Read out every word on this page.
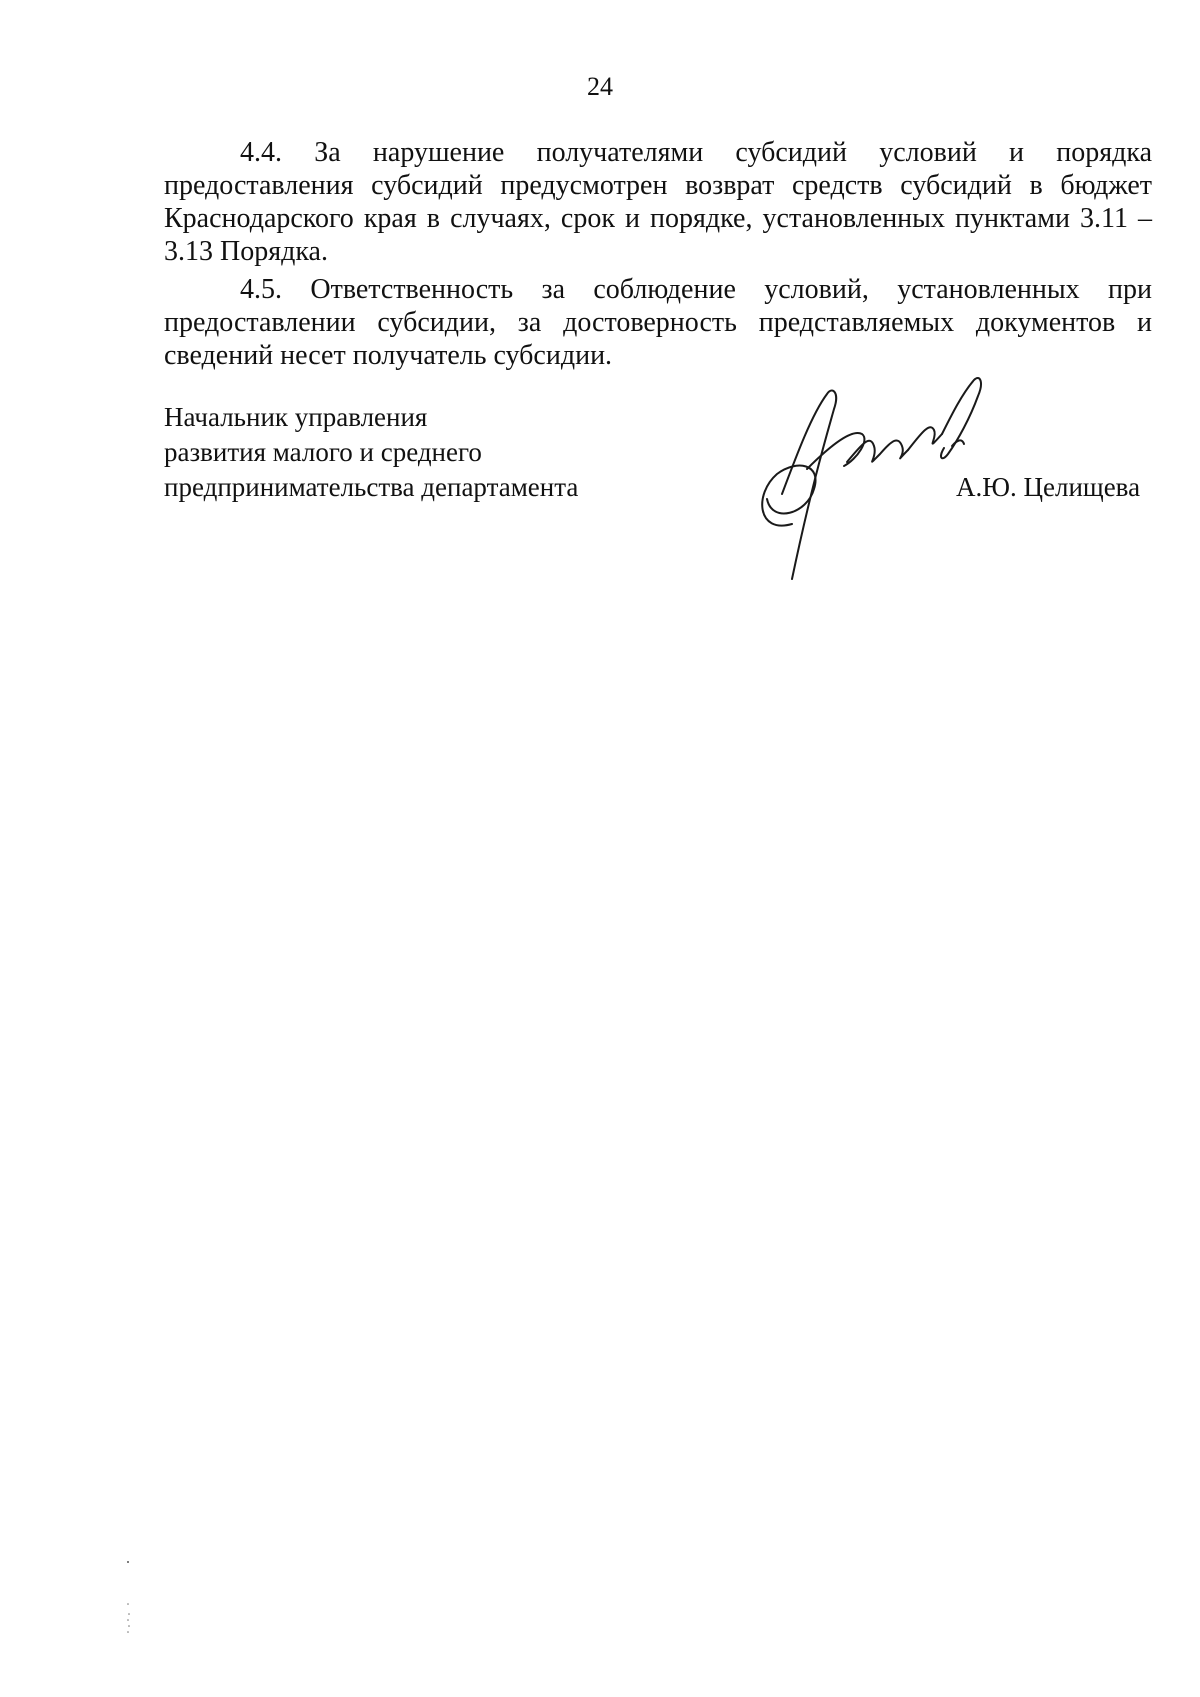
24

4.4. За нарушение получателями субсидий условий и порядка предоставления субсидий предусмотрен возврат средств субсидий в бюджет Краснодарского края в случаях, срок и порядке, установленных пунктами 3.11 – 3.13 Порядка.

4.5. Ответственность за соблюдение условий, установленных при предоставлении субсидии, за достоверность представляемых документов и сведений несет получатель субсидии.

Начальник управления
развития малого и среднего
предпринимательства департамента	А.Ю. Целищева
